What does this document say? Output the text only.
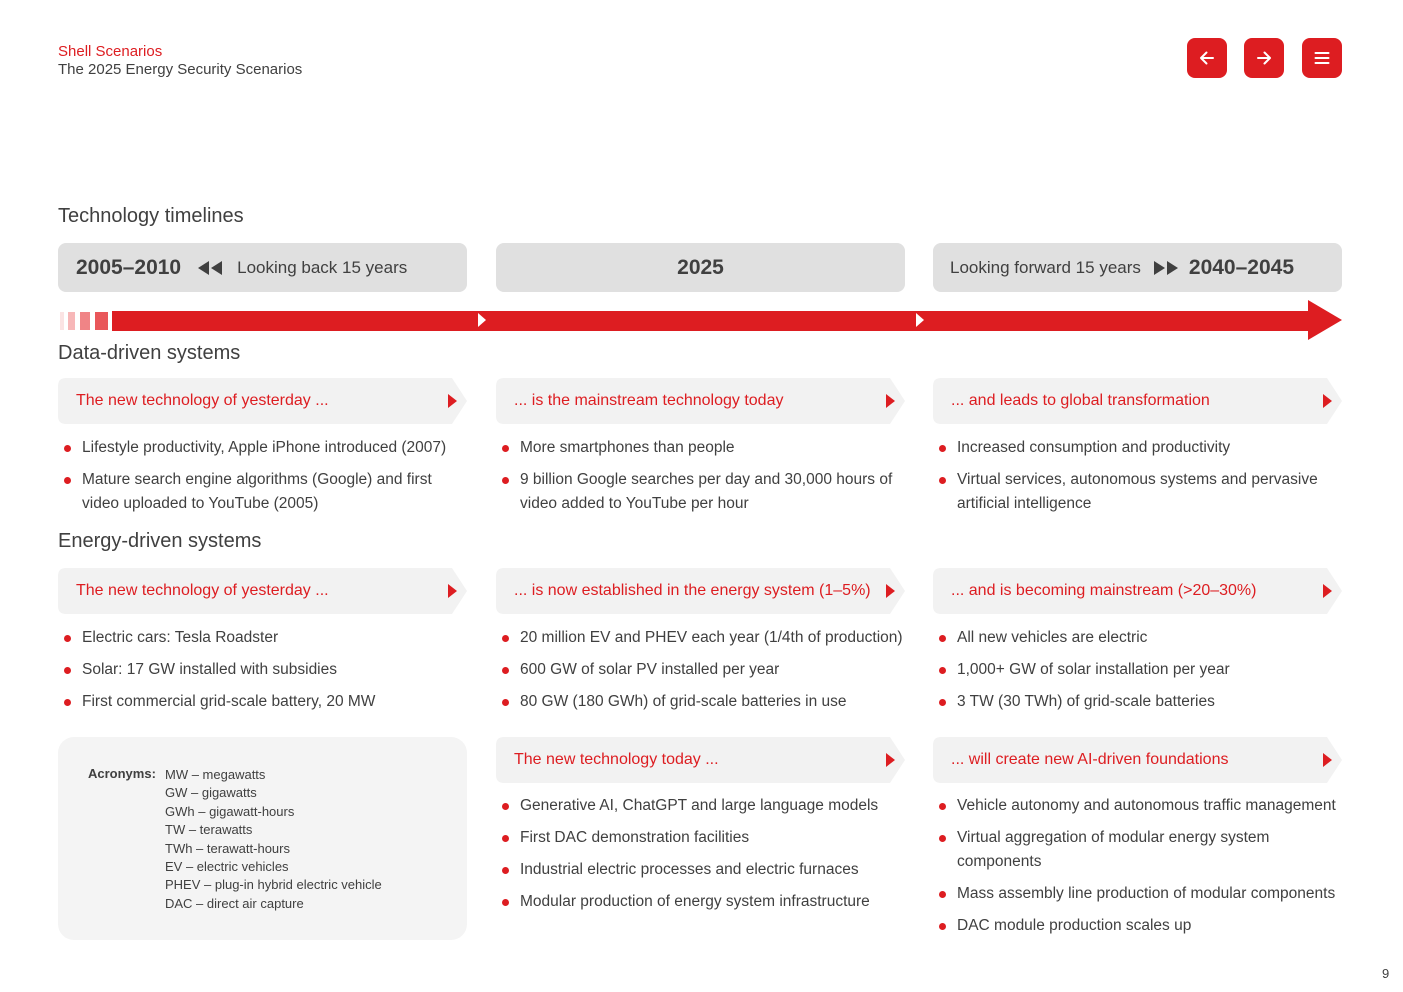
Shell Scenarios
The 2025 Energy Security Scenarios
Technology timelines
2005–2010	Looking back 15 years	2025	Looking forward 15 years 2040–2045
Data-driven systems
The new technology of yesterday ...	... is the mainstream technology today	... and leads to global transformation
Lifestyle productivity, Apple iPhone introduced (2007)
Mature search engine algorithms (Google) and first video uploaded to YouTube (2005)
More smartphones than people
9 billion Google searches per day and 30,000 hours of video added to YouTube per hour
Increased consumption and productivity
Virtual services, autonomous systems and pervasive artificial intelligence
Energy-driven systems
The new technology of yesterday ...	... is now established in the energy system (1–5%)	... and is becoming mainstream (>20–30%)
Electric cars: Tesla Roadster
Solar: 17 GW installed with subsidies
First commercial grid-scale battery, 20 MW
20 million EV and PHEV each year (1/4th of production)
600 GW of solar PV installed per year
80 GW (180 GWh) of grid-scale batteries in use
All new vehicles are electric
1,000+ GW of solar installation per year
3 TW (30 TWh) of grid-scale batteries
Acronyms: MW – megawatts
GW – gigawatts
GWh – gigawatt-hours
TW – terawatts
TWh – terawatt-hours
EV – electric vehicles
PHEV – plug-in hybrid electric vehicle
DAC – direct air capture
The new technology today ...	... will create new AI-driven foundations
Generative AI, ChatGPT and large language models
First DAC demonstration facilities
Industrial electric processes and electric furnaces
Modular production of energy system infrastructure
Vehicle autonomy and autonomous traffic management
Virtual aggregation of modular energy system components
Mass assembly line production of modular components
DAC module production scales up
9
